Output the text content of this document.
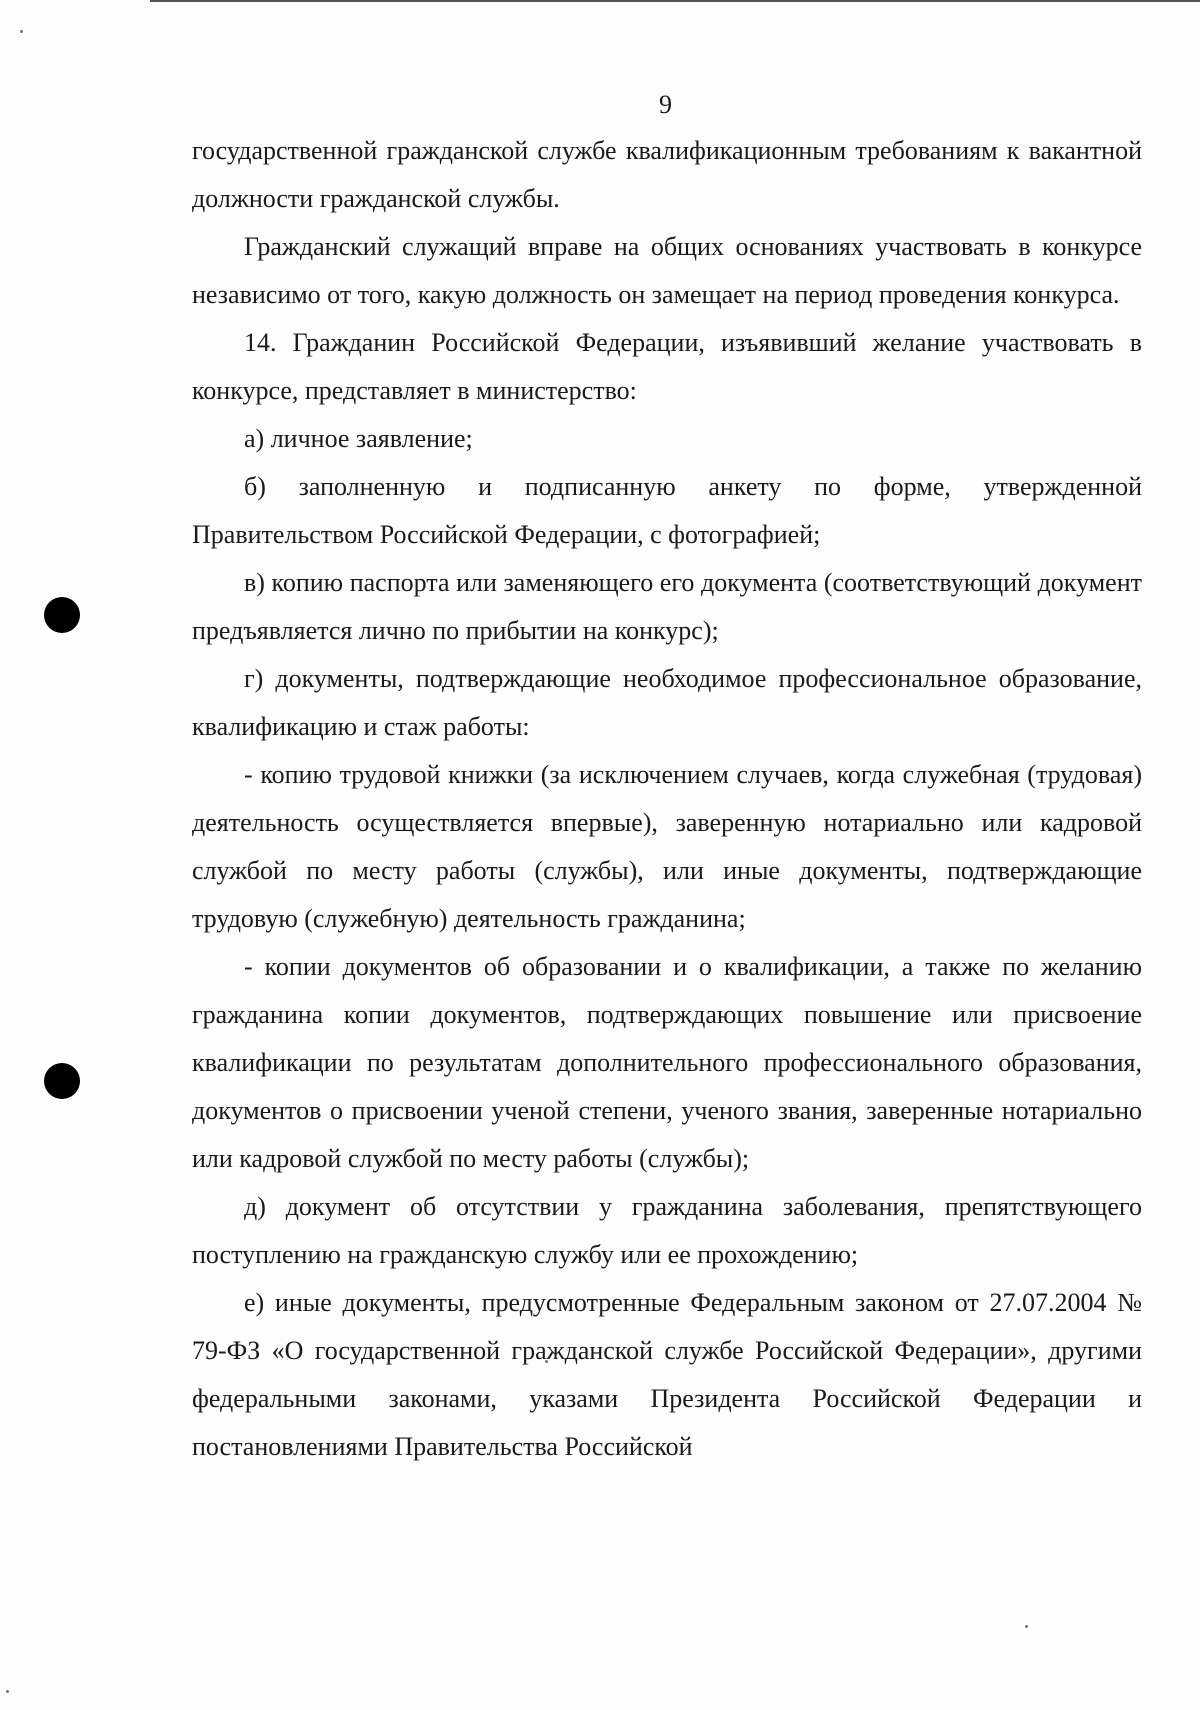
9

государственной гражданской службе квалификационным требованиям к вакантной должности гражданской службы.

Гражданский служащий вправе на общих основаниях участвовать в конкурсе независимо от того, какую должность он замещает на период проведения конкурса.

14. Гражданин Российской Федерации, изъявивший желание участвовать в конкурсе, представляет в министерство:

а) личное заявление;

б) заполненную и подписанную анкету по форме, утвержденной Правительством Российской Федерации, с фотографией;

в) копию паспорта или заменяющего его документа (соответствующий документ предъявляется лично по прибытии на конкурс);

г) документы, подтверждающие необходимое профессиональное образование, квалификацию и стаж работы:

- копию трудовой книжки (за исключением случаев, когда служебная (трудовая) деятельность осуществляется впервые), заверенную нотариально или кадровой службой по месту работы (службы), или иные документы, подтверждающие трудовую (служебную) деятельность гражданина;

- копии документов об образовании и о квалификации, а также по желанию гражданина копии документов, подтверждающих повышение или присвоение квалификации по результатам дополнительного профессионального образования, документов о присвоении ученой степени, ученого звания, заверенные нотариально или кадровой службой по месту работы (службы);

д) документ об отсутствии у гражданина заболевания, препятствующего поступлению на гражданскую службу или ее прохождению;

е) иные документы, предусмотренные Федеральным законом от 27.07.2004 № 79-ФЗ «О государственной гражданской службе Российской Федерации», другими федеральными законами, указами Президента Российской Федерации и постановлениями Правительства Российской
